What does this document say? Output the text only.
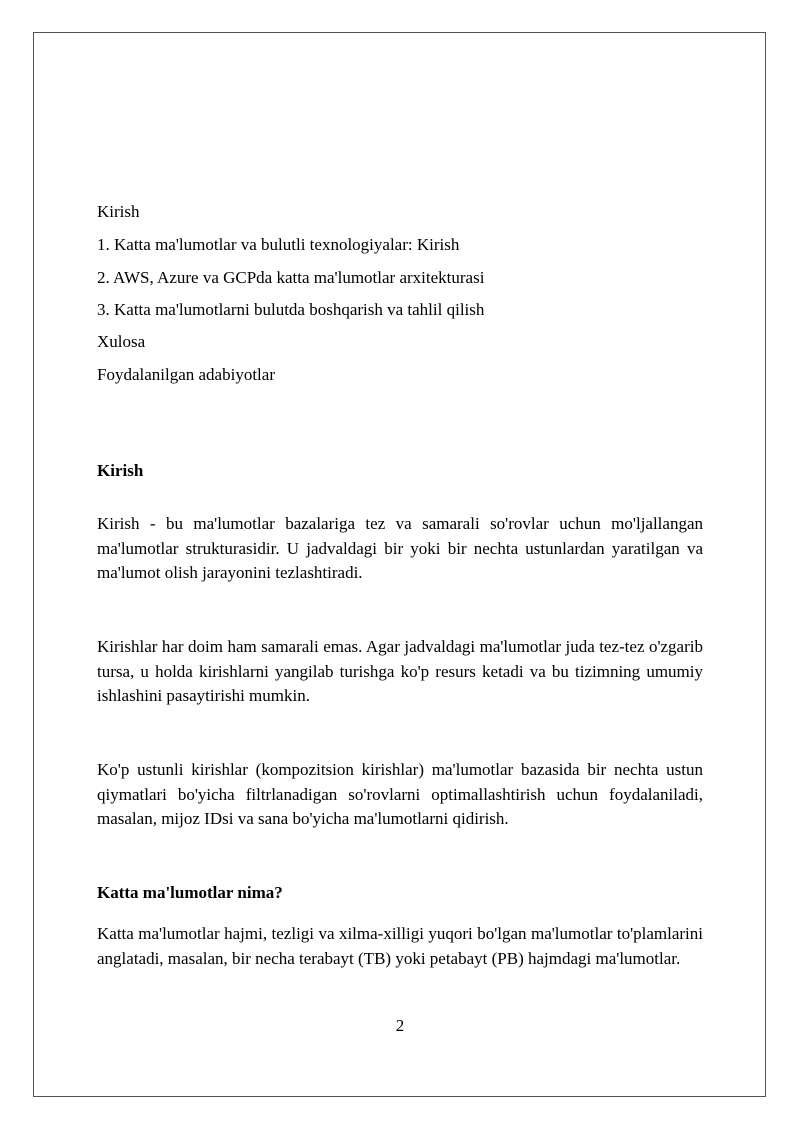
Kirish
1. Katta ma'lumotlar va bulutli texnologiyalar: Kirish
2. AWS, Azure va GCPda katta ma'lumotlar arxitekturasi
3. Katta ma'lumotlarni bulutda boshqarish va tahlil qilish
Xulosa
Foydalanilgan adabiyotlar
Kirish

Kirish - bu ma'lumotlar bazalariga tez va samarali so'rovlar uchun mo'ljallangan ma'lumotlar strukturasidir. U jadvaldagi bir yoki bir nechta ustunlardan yaratilgan va ma'lumot olish jarayonini tezlashtiradi.

Kirishlar har doim ham samarali emas. Agar jadvaldagi ma'lumotlar juda tez-tez o'zgarib tursa, u holda kirishlarni yangilab turishga ko'p resurs ketadi va bu tizimning umumiy ishlashini pasaytirishi mumkin.

Ko'p ustunli kirishlar (kompozitsion kirishlar) ma'lumotlar bazasida bir nechta ustun qiymatlari bo'yicha filtrlanadigan so'rovlarni optimallashtirish uchun foydalaniladi, masalan, mijoz IDsi va sana bo'yicha ma'lumotlarni qidirish.

Katta ma'lumotlar nima?

Katta ma'lumotlar hajmi, tezligi va xilma-xilligi yuqori bo'lgan ma'lumotlar to'plamlarini anglatadi, masalan, bir necha terabayt (TB) yoki petabayt (PB) hajmdagi ma'lumotlar.

2
